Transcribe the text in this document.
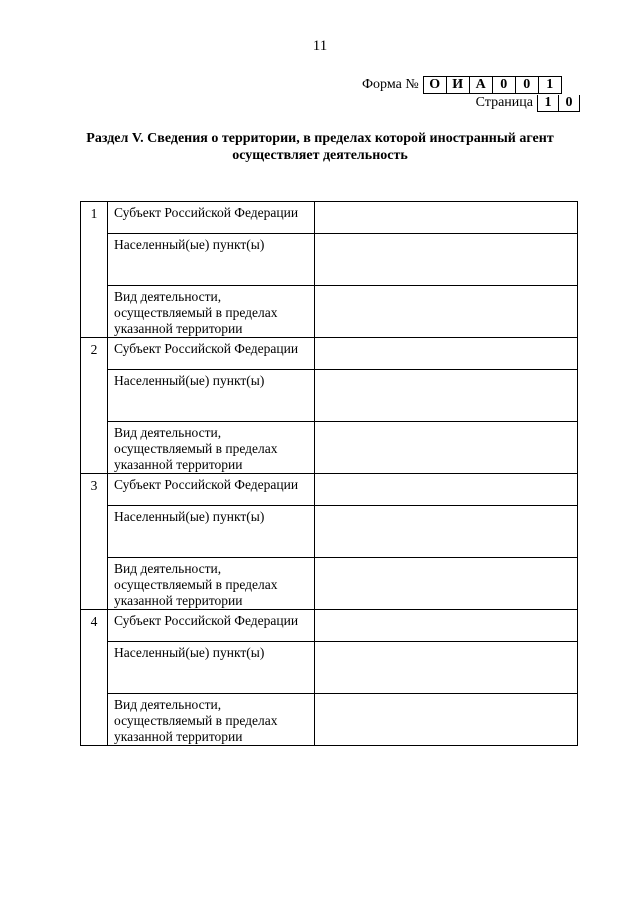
11
Форма № О И А	0	0	1
Страница 1	0
Раздел V. Сведения о территории, в пределах которой иностранный агент осуществляет деятельность
1	Субъект Российской Федерации	
	Населенный(ые) пункт(ы)	
	Вид деятельности, осуществляемый в пределах указанной территории	
2	Субъект Российской Федерации	
	Населенный(ые) пункт(ы)	
	Вид деятельности, осуществляемый в пределах указанной территории	
3	Субъект Российской Федерации	
	Населенный(ые) пункт(ы)	
	Вид деятельности, осуществляемый в пределах указанной территории	
4	Субъект Российской Федерации	
	Населенный(ые) пункт(ы)	
	Вид деятельности, осуществляемый в пределах указанной территории	
